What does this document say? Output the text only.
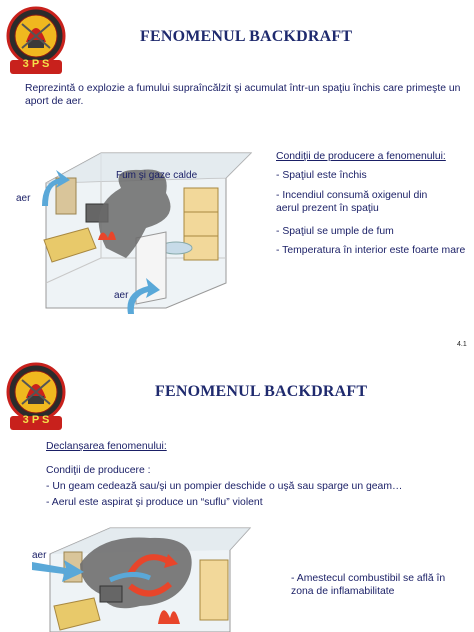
3 P S
FENOMENUL BACKDRAFT
Reprezintă o explozie a fumului supraîncălzit şi acumulat într-un spaţiu închis care primeşte un aport de aer.
Fum şi gaze calde
aer
aer
Condiţii de producere a fenomenului:
- Spaţiul este închis
- Incendiul consumă oxigenul din aerul prezent în spaţiu
- Spaţiul se umple de fum
- Temperatura în interior este foarte mare
4.1
3 P S
FENOMENUL BACKDRAFT
Declanşarea fenomenului:
Condiţii de producere :
- Un geam cedează sau/şi un pompier deschide o uşă sau sparge un geam…
- Aerul este aspirat şi produce un “suflu” violent
aer
- Amestecul combustibil se află în zona de inflamabilitate
